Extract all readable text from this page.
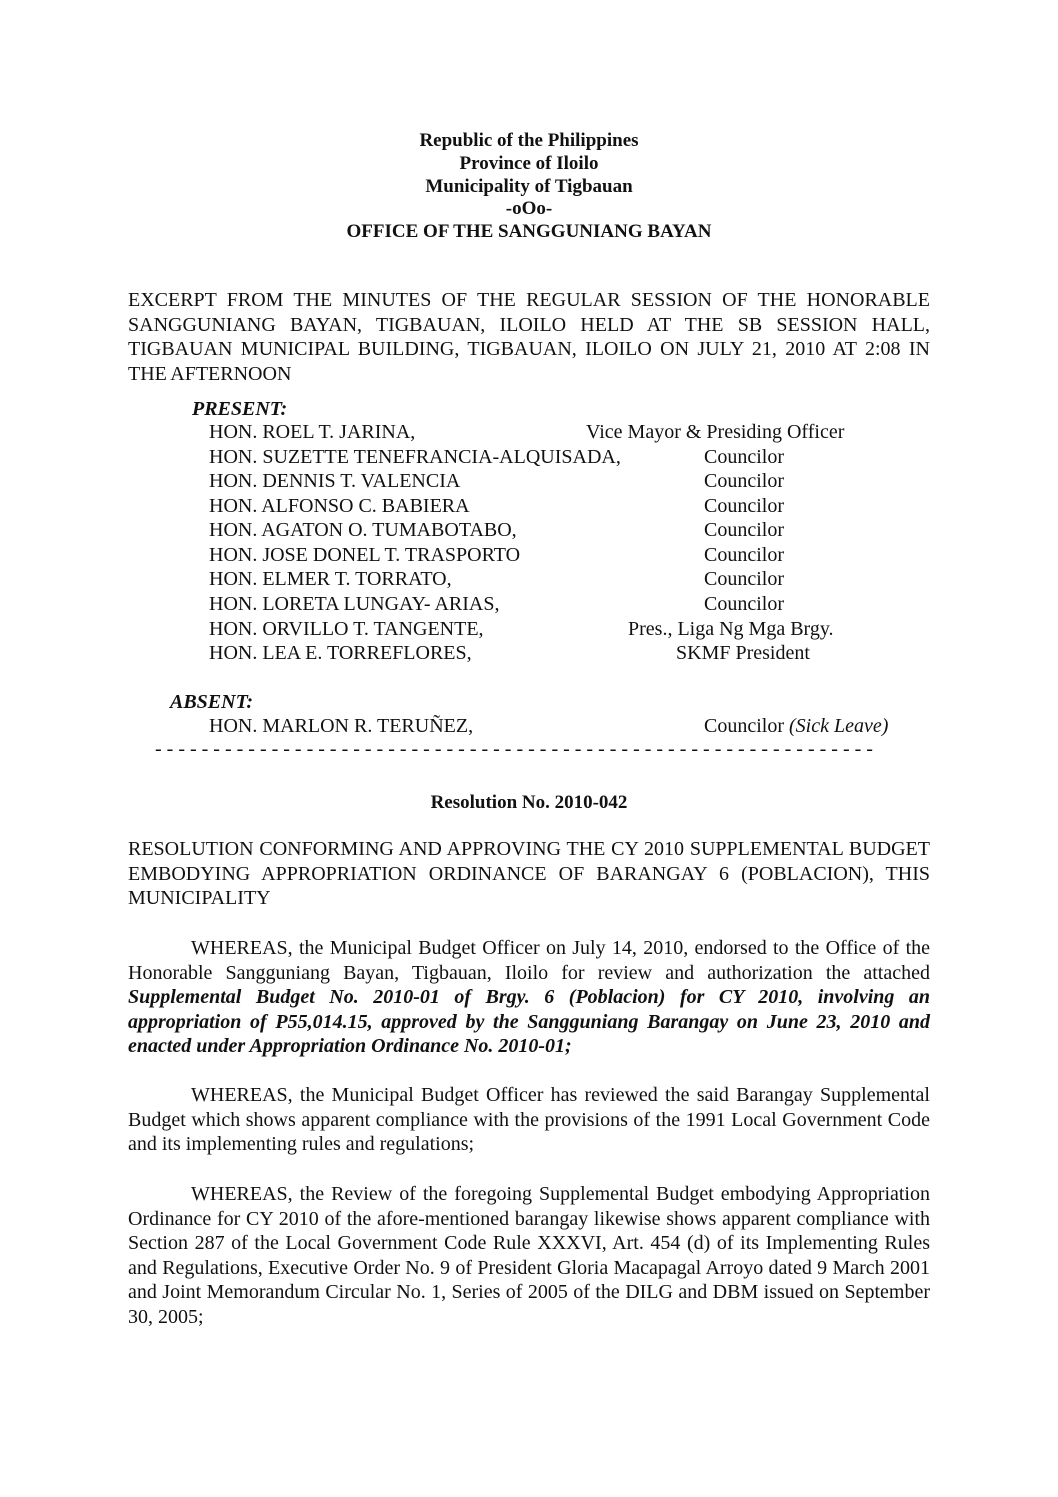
Republic of the Philippines
Province of Iloilo
Municipality of Tigbauan
-oOo-
OFFICE OF THE SANGGUNIANG BAYAN
EXCERPT FROM THE MINUTES OF THE REGULAR SESSION OF THE HONORABLE SANGGUNIANG BAYAN, TIGBAUAN, ILOILO HELD AT THE SB SESSION HALL, TIGBAUAN MUNICIPAL BUILDING, TIGBAUAN, ILOILO ON JULY 21, 2010 AT 2:08 IN THE AFTERNOON
PRESENT:
HON. ROEL T. JARINA,	Vice Mayor & Presiding Officer
HON. SUZETTE TENEFRANCIA-ALQUISADA,	Councilor
HON. DENNIS T. VALENCIA	Councilor
HON. ALFONSO C. BABIERA	Councilor
HON. AGATON O. TUMABOTABO,	Councilor
HON. JOSE DONEL T. TRASPORTO	Councilor
HON. ELMER T. TORRATO,	Councilor
HON. LORETA LUNGAY- ARIAS,	Councilor
HON. ORVILLO T. TANGENTE,	Pres., Liga Ng Mga Brgy.
HON. LEA E. TORREFLORES,	SKMF President
ABSENT:
HON. MARLON R. TERUÑEZ,	Councilor (Sick Leave)
- - - - - - - - - - - - - - - - - - - - - - - - - - - - - - - - - - - - - - - - - - - - - - - - - - - - - - - - - - - - - -
Resolution No. 2010-042
RESOLUTION CONFORMING AND APPROVING THE CY 2010 SUPPLEMENTAL BUDGET EMBODYING APPROPRIATION ORDINANCE OF BARANGAY 6 (POBLACION), THIS MUNICIPALITY
WHEREAS, the Municipal Budget Officer on July 14, 2010, endorsed to the Office of the Honorable Sangguniang Bayan, Tigbauan, Iloilo for review and authorization the attached Supplemental Budget No. 2010-01 of Brgy. 6 (Poblacion) for CY 2010, involving an appropriation of P55,014.15, approved by the Sangguniang Barangay on June 23, 2010 and enacted under Appropriation Ordinance No. 2010-01;
WHEREAS, the Municipal Budget Officer has reviewed the said Barangay Supplemental Budget which shows apparent compliance with the provisions of the 1991 Local Government Code and its implementing rules and regulations;
WHEREAS, the Review of the foregoing Supplemental Budget embodying Appropriation Ordinance for CY 2010 of the afore-mentioned barangay likewise shows apparent compliance with Section 287 of the Local Government Code Rule XXXVI, Art. 454 (d) of its Implementing Rules and Regulations, Executive Order No. 9 of President Gloria Macapagal Arroyo dated 9 March 2001 and Joint Memorandum Circular No. 1, Series of 2005 of the DILG and DBM issued on September 30, 2005;
